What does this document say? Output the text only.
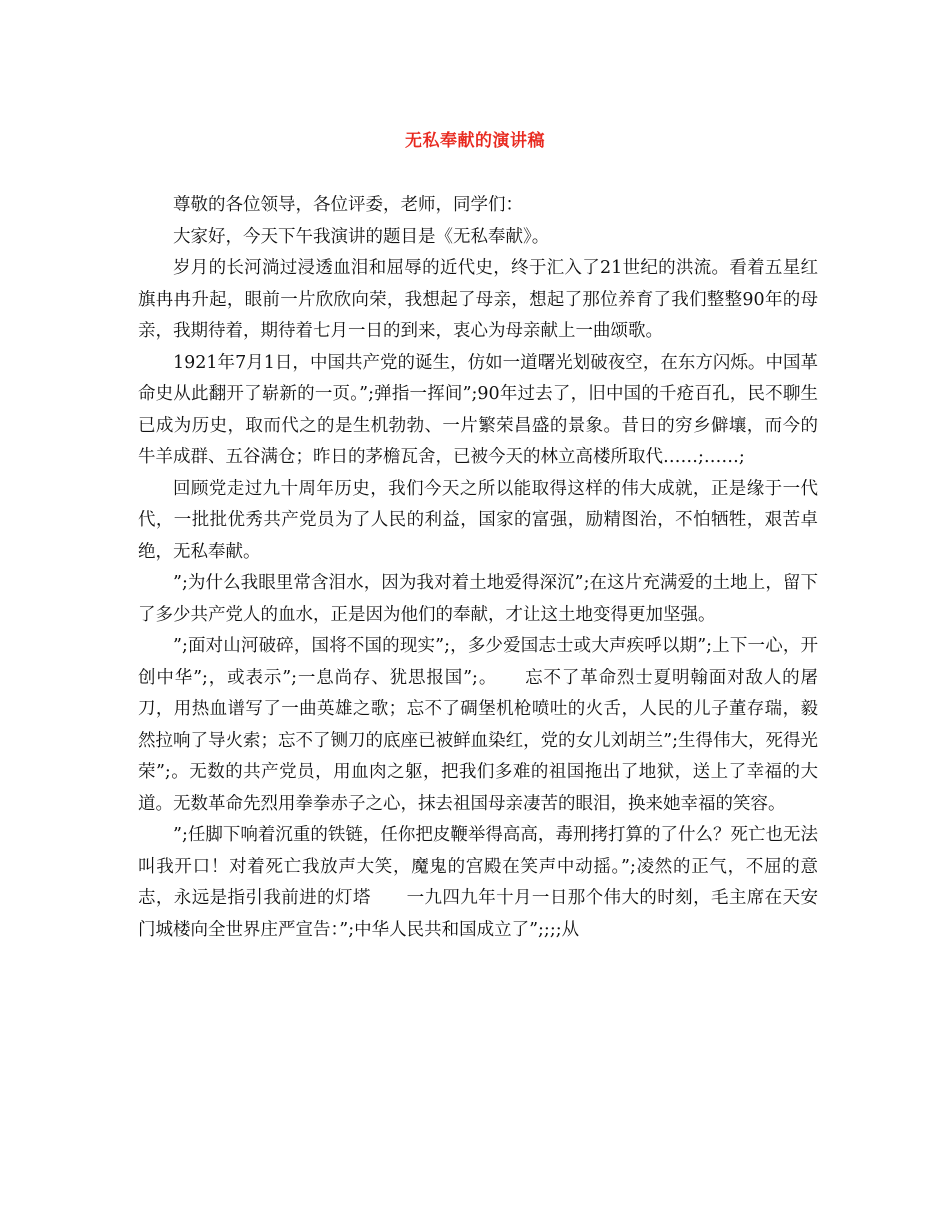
无私奉献的演讲稿

尊敬的各位领导，各位评委，老师，同学们：

大家好，今天下午我演讲的题目是《无私奉献》。

岁月的长河淌过浸透血泪和屈辱的近代史，终于汇入了21世纪的洪流。看着五星红旗冉冉升起，眼前一片欣欣向荣，我想起了母亲，想起了那位养育了我们整整90年的母亲，我期待着，期待着七月一日的到来，衷心为母亲献上一曲颂歌。

1921年7月1日，中国共产党的诞生，仿如一道曙光划破夜空，在东方闪烁。中国革命史从此翻开了崭新的一页。”;弹指一挥间”;90年过去了，旧中国的千疮百孔，民不聊生已成为历史，取而代之的是生机勃勃、一片繁荣昌盛的景象。昔日的穷乡僻壤，而今的牛羊成群、五谷满仓；昨日的茅檐瓦舍，已被今天的林立高楼所取代……;……;

回顾党走过九十周年历史，我们今天之所以能取得这样的伟大成就，正是缘于一代代，一批批优秀共产党员为了人民的利益，国家的富强，励精图治，不怕牺牲，艰苦卓绝，无私奉献。

”;为什么我眼里常含泪水，因为我对着土地爱得深沉”;在这片充满爱的土地上，留下了多少共产党人的血水，正是因为他们的奉献，才让这土地变得更加坚强。

”;面对山河破碎，国将不国的现实”;，多少爱国志士或大声疾呼以期”;上下一心，开创中华”;，或表示”;一息尚存、犹思报国”;。　　忘不了革命烈士夏明翰面对敌人的屠刀，用热血谱写了一曲英雄之歌；忘不了碉堡机枪喷吐的火舌，人民的儿子董存瑞，毅然拉响了导火索；忘不了铡刀的底座已被鲜血染红，党的女儿刘胡兰”;生得伟大，死得光荣”;。无数的共产党员，用血肉之躯，把我们多难的祖国拖出了地狱，送上了幸福的大道。无数革命先烈用拳拳赤子之心，抹去祖国母亲凄苦的眼泪，换来她幸福的笑容。

”;任脚下响着沉重的铁链，任你把皮鞭举得高高，毒刑拷打算的了什么？死亡也无法叫我开口！对着死亡我放声大笑，魔鬼的宫殿在笑声中动摇。”;凌然的正气，不屈的意志，永远是指引我前进的灯塔　　一九四九年十月一日那个伟大的时刻，毛主席在天安门城楼向全世界庄严宣告：”;中华人民共和国成立了”;;;;从
